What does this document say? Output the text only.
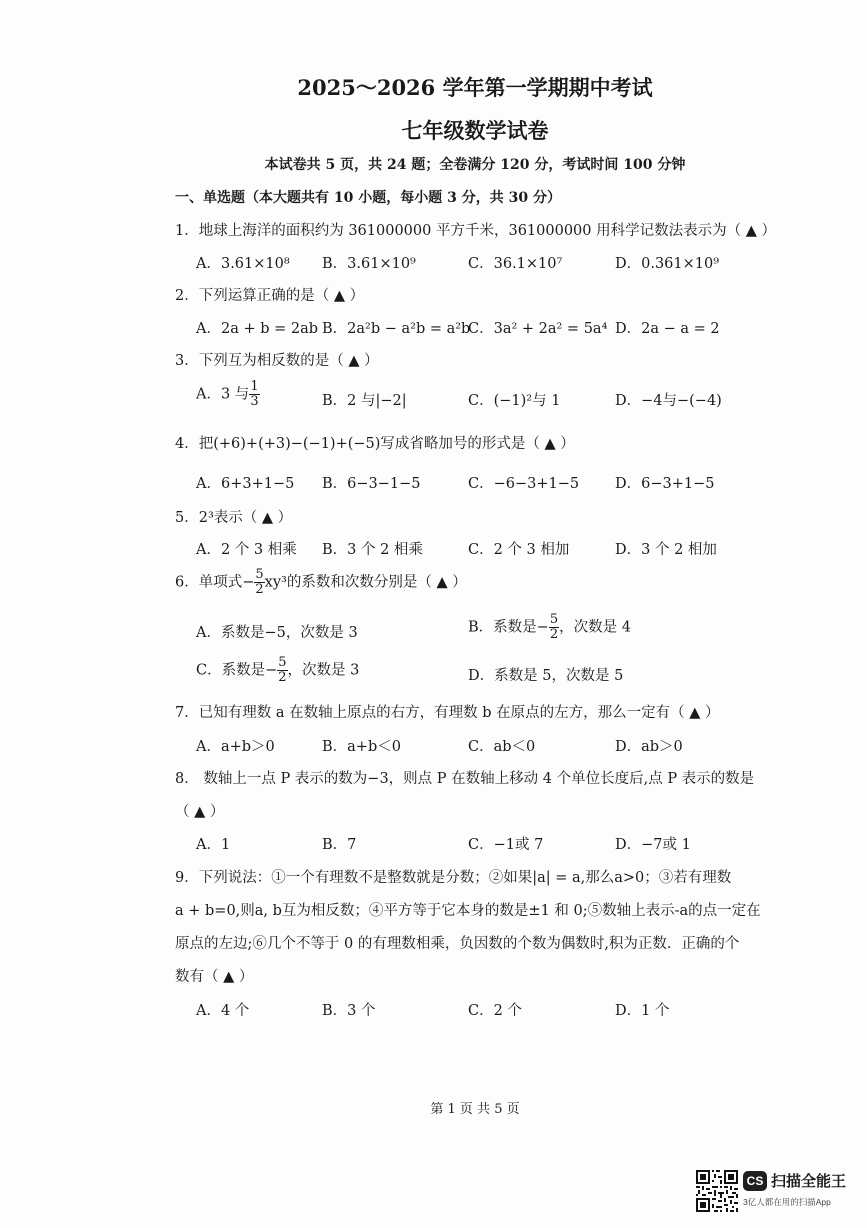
2025～2026 学年第一学期期中考试
七年级数学试卷
本试卷共 5 页，共 24 题；全卷满分 120 分，考试时间 100 分钟
一、单选题（本大题共有 10 小题，每小题 3 分，共 30 分）
1．地球上海洋的面积约为 361000000 平方千米，361000000 用科学记数法表示为（ ▲ ）
A．3.61×10⁸ B．3.61×10⁹	C．36.1×10⁷	D．0.361×10⁹
2．下列运算正确的是（ ▲ ）
A．2a + b = 2ab B．2a²b − a²b = a²b
C．3a² + 2a² = 5a⁴ D．2a − a = 2
3．下列互为相反数的是（ ▲ ）
A．3 与 $\frac{1}{3}$	B．2 与|−2|	C．(−1)²与 1	D．−4与−(−4)
4．把(+6)+(+3)−(−1)+(−5)写成省略加号的形式是（ ▲ ）
A．6+3+1−5 B．6−3−1−5	C．−6−3+1−5 D．6−3+1−5
5．2³表示（ ▲ ）
A．2 个 3 相乘 B．3 个 2 相乘	C．2 个 3 相加	D．3 个 2 相加
6．单项式− $\frac{5}{2} xy^3$的系数和次数分别是（ ▲ ）
A．系数是−5，次数是 3	B．系数是− $\frac{5}{2}$ ，次数是 4
C．系数是− $\frac{5}{2}$ ，次数是 3	D．系数是 5，次数是 5
7．已知有理数 a 在数轴上原点的右方，有理数 b 在原点的左方，那么一定有（ ▲ ）
A．a+b＞0	B．a+b＜0	C．ab＜0	D．ab＞0
8． 数轴上一点 P 表示的数为−3，则点 P 在数轴上移动 4 个单位长度后,点 P 表示的数是
（ ▲ ）
A．1	B．7	C．−1或 7	D．−7或 1
9．下列说法：①一个有理数不是整数就是分数；②如果|a| = a,那么a>0；③若有理数
a + b=0,则a, b互为相反数；④平方等于它本身的数是±1 和 0;⑤数轴上表示-a的点一定在
原点的左边;⑥几个不等于 0 的有理数相乘，负因数的个数为偶数时,积为正数．正确的个
数有（ ▲ ）
A．4 个	B．3 个	C．2 个	D．1 个
第 1 页 共 5 页
CS 扫描全能王
3亿人都在用的扫描App
